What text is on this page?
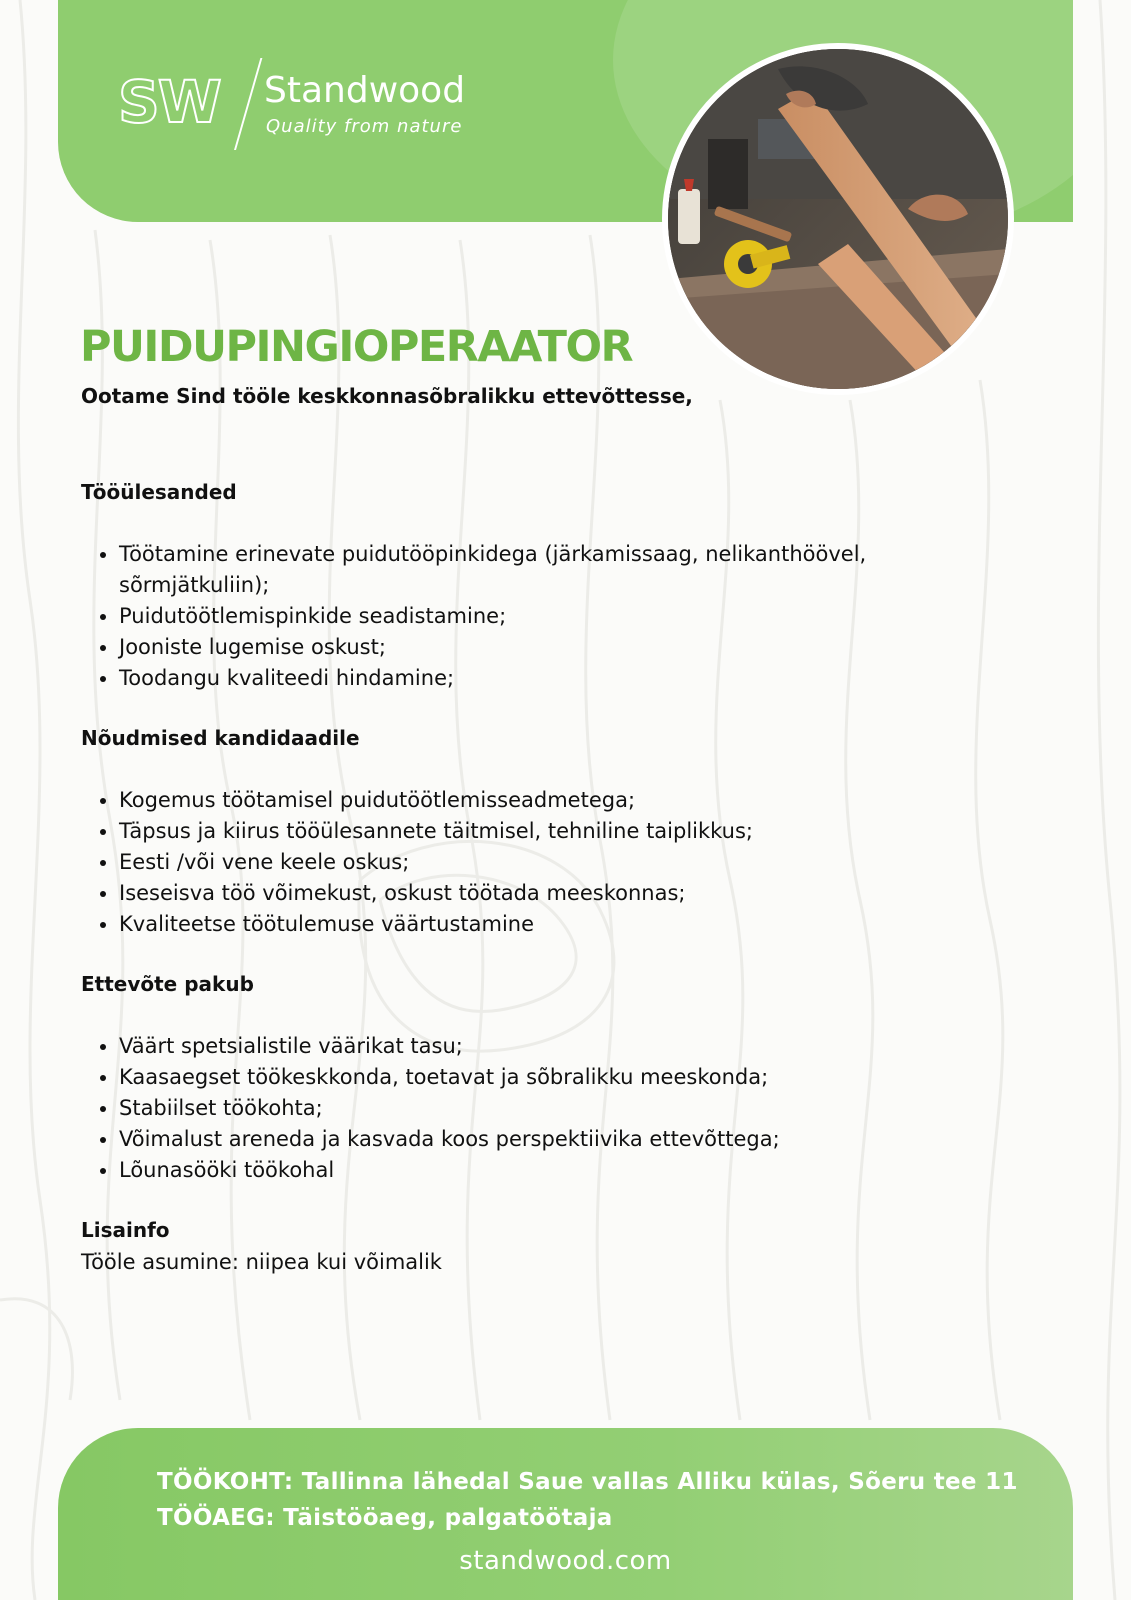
SW Standwood
Quality from nature
PUIDUPINGIOPERAATOR
Ootame Sind tööle keskkonnasõbralikku ettevõttesse,
Tööülesanded
• Töötamine erinevate puidutööpinkidega (järkamissaag, nelikanthöövel, sõrmjätkuliin);
• Puidutöötlemispinkide seadistamine;
• Jooniste lugemise oskust;
• Toodangu kvaliteedi hindamine;
Nõudmised kandidaadile
• Kogemus töötamisel puidutöötlemisseadmetega;
• Täpsus ja kiirus tööülesannete täitmisel, tehniline taiplikkus;
• Eesti /või vene keele oskus;
• Iseseisva töö võimekust, oskust töötada meeskonnas;
• Kvaliteetse töötulemuse väärtustamine
Ettevõte pakub
• Väärt spetsialistile väärikat tasu;
• Kaasaegset töökeskkonda, toetavat ja sõbralikku meeskonda;
• Stabiilset töökohta;
• Võimalust areneda ja kasvada koos perspektiivika ettevõttega;
• Lõunasööki töökohal
Lisainfo
Tööle asumine: niipea kui võimalik
TÖÖKOHT: Tallinna lähedal Saue vallas Alliku külas, Sõeru tee 11
TÖÖAEG: Täistööaeg, palgatöötaja
standwood.com
